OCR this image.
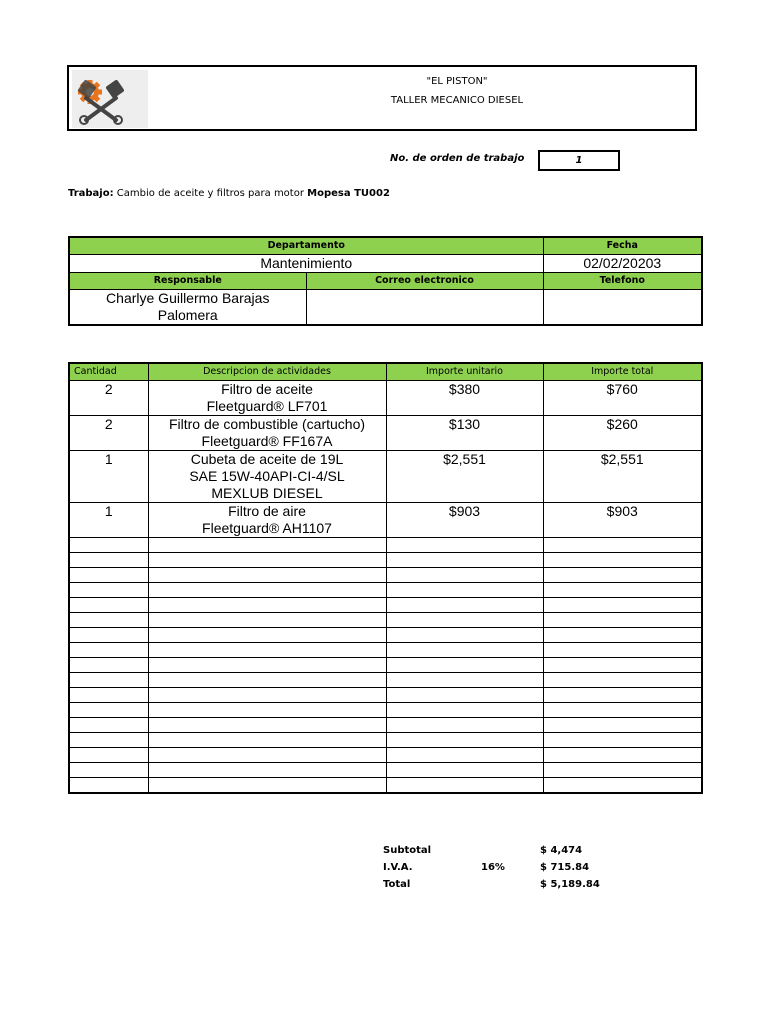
"EL PISTON"
TALLER MECANICO DIESEL
No. de orden de trabajo	1
Trabajo: Cambio de aceite y filtros para motor Mopesa TU002
Departamento		Fecha
Mantenimiento		02/02/20203
Responsable	Correo electronico	Telefono

Charlye Guillermo Barajas
Palomera		

Cantidad	Descripcion de actividades	Importe unitario	Importe total
2	Filtro de aceite
Fleetguard® LF701	$380	$760
2	Filtro de combustible (cartucho)
Fleetguard® FF167A	$130	$260
1	Cubeta de aceite de 19L
SAE 15W-40API-CI-4/SL
MEXLUB DIESEL	$2,551	$2,551
1	Filtro de aire
Fleetguard® AH1107	$903	$903

Subtotal	$ 4,474
I.V.A.	16%	$ 715.84
Total	$ 5,189.84
